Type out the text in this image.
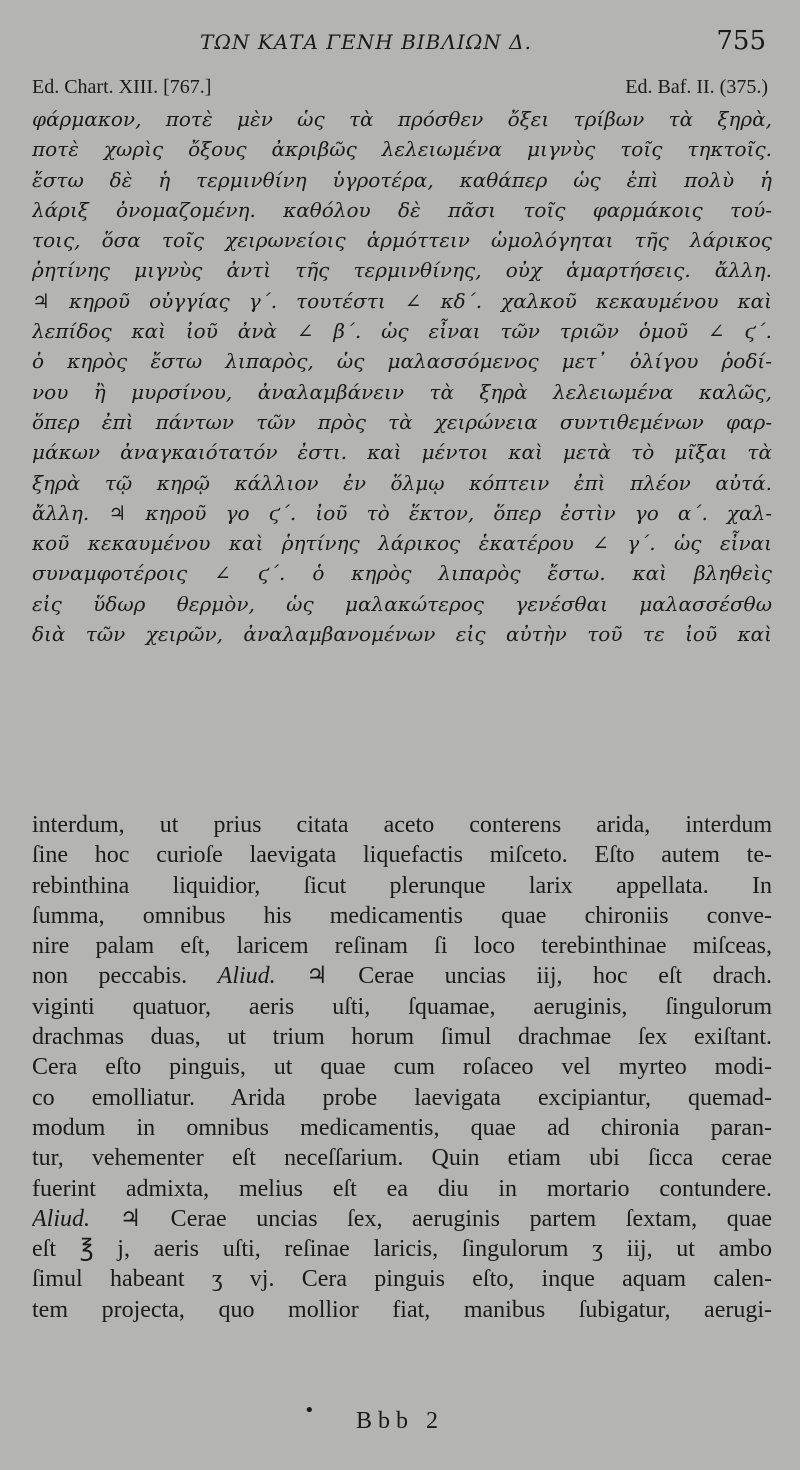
ΤΩΝ ΚΑΤΑ ΓΕΝΗ ΒΙΒΛΙΩΝ Δ.	755
Ed. Chart. XIII. [767.]	Ed. Baf. II. (375.)
φάρμακον, ποτὲ μὲν ὡς τὰ πρόσθεν ὄξει τρίβων τὰ ξηρὰ,
ποτὲ χωρὶς ὄξους ἀκριβῶς λελειωμένα μιγνὺς τοῖς τηκτοῖς.
ἔστω δὲ ἡ τερμινθίνη ὑγροτέρα, καθάπερ ὡς ἐπὶ πολὺ ἡ
λάριξ ὀνομαζομένη. καθόλου δὲ πᾶσι τοῖς φαρμάκοις τού-
τοις, ὅσα τοῖς χειρωνείοις ἁρμόττειν ὡμολόγηται τῆς λάρικος
ῥητίνης μιγνὺς ἀντὶ τῆς τερμινθίνης, οὐχ ἁμαρτήσεις. ἄλλη.
♃ κηροῦ οὐγγίας γ΄. τουτέστι ∠ κδ΄. χαλκοῦ κεκαυμένου καὶ
λεπίδος καὶ ἰοῦ ἀνὰ ∠ β΄. ὡς εἶναι τῶν τριῶν ὁμοῦ ∠ ϛ΄.
ὁ κηρὸς ἔστω λιπαρὸς, ὡς μαλασσόμενος μετ᾽ ὀλίγου ῥοδί-
νου ἢ μυρσίνου, ἀναλαμβάνειν τὰ ξηρὰ λελειωμένα καλῶς,
ὅπερ ἐπὶ πάντων τῶν πρὸς τὰ χειρώνεια συντιθεμένων φαρ-
μάκων ἀναγκαιότατόν ἐστι. καὶ μέντοι καὶ μετὰ τὸ μῖξαι τὰ
ξηρὰ τῷ κηρῷ κάλλιον ἐν ὅλμῳ κόπτειν ἐπὶ πλέον αὐτά.
ἄλλη. ♃ κηροῦ γο ϛ΄. ἰοῦ τὸ ἕκτον, ὅπερ ἐστὶν γο α΄. χαλ-
κοῦ κεκαυμένου καὶ ῥητίνης λάρικος ἑκατέρου ∠ γ΄. ὡς εἶναι
συναμφοτέροις ∠ ϛ΄. ὁ κηρὸς λιπαρὸς ἔστω. καὶ βληθεὶς
εἰς ὕδωρ θερμὸν, ὡς μαλακώτερος γενέσθαι μαλασσέσθω
διὰ τῶν χειρῶν, ἀναλαμβανομένων εἰς αὐτὴν τοῦ τε ἰοῦ καὶ
interdum, ut prius citata aceto conterens arida, interdum
ſine hoc curioſe laevigata liquefactis miſceto. Eſto autem te-
rebinthina liquidior, ſicut plerunque larix appellata. In
ſumma, omnibus his medicamentis quae chironiis conve-
nire palam eſt, laricem reſinam ſi loco terebinthinae miſceas,
non peccabis. Aliud. ♃ Cerae uncias iij, hoc eſt drach.
viginti quatuor, aeris uſti, ſquamae, aeruginis, ſingulorum
drachmas duas, ut trium horum ſimul drachmae ſex exiſtant.
Cera eſto pinguis, ut quae cum roſaceo vel myrteo modi-
co emolliatur. Arida probe laevigata excipiantur, quemad-
modum in omnibus medicamentis, quae ad chironia paran-
tur, vehementer eſt neceſſarium. Quin etiam ubi ſicca cerae
fuerint admixta, melius eſt ea diu in mortario contundere.
Aliud. ♃ Cerae uncias ſex, aeruginis partem ſextam, quae
eſt ℥ j, aeris uſti, reſinae laricis, ſingulorum ʒ iij, ut ambo
ſimul habeant ʒ vj. Cera pinguis eſto, inque aquam calen-
tem projecta, quo mollior fiat, manibus ſubigatur, aerugi-
•	Bbb 2
